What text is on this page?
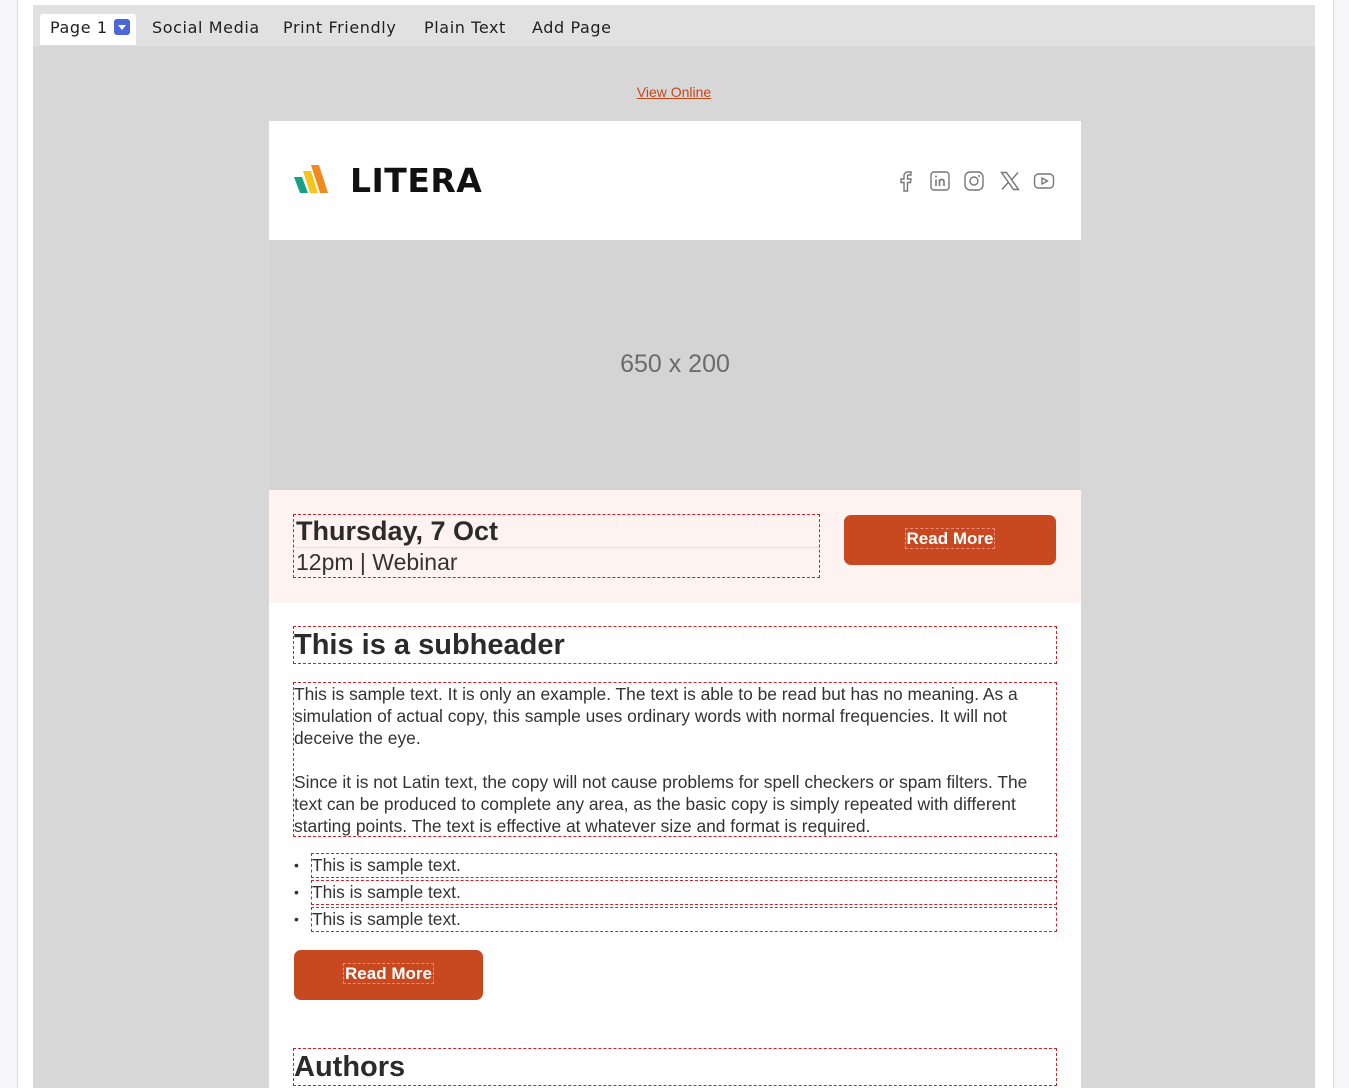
Page 1	Social Media Print Friendly Plain Text Add Page
View Online
LITERA
650 x 200
Thursday, 7 Oct
12pm | Webinar
Read More
This is a subheader

This is sample text. It is only an example. The text is able to be read but has no meaning. As a simulation of actual copy, this sample uses ordinary words with normal frequencies. It will not deceive the eye.

Since it is not Latin text, the copy will not cause problems for spell checkers or spam filters. The text can be produced to complete any area, as the basic copy is simply repeated with different starting points. The text is effective at whatever size and format is required.

• This is sample text.
• This is sample text.
• This is sample text.
Read More
Authors
